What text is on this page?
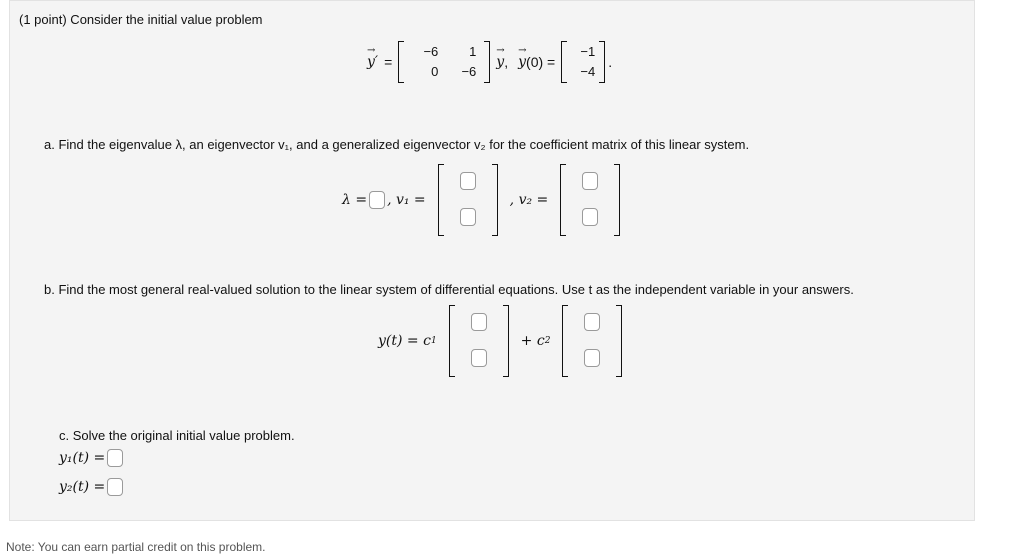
(1 point) Consider the initial value problem
→ y ′ =
−6	1
0	−6
→ y ,
→ y (0) =
−1
−4
.
a. Find the eigenvalue λ, an eigenvector v₁, and a generalized eigenvector v₂ for the coefficient matrix of this linear system.
λ = , v₁ =	, v₂ =
b. Find the most general real-valued solution to the linear system of differential equations. Use t as the independent variable in your answers.
y(t) = c 1	+ c 2
c. Solve the original initial value problem.
y₁(t) =
y₂(t) =
Note: You can earn partial credit on this problem.
